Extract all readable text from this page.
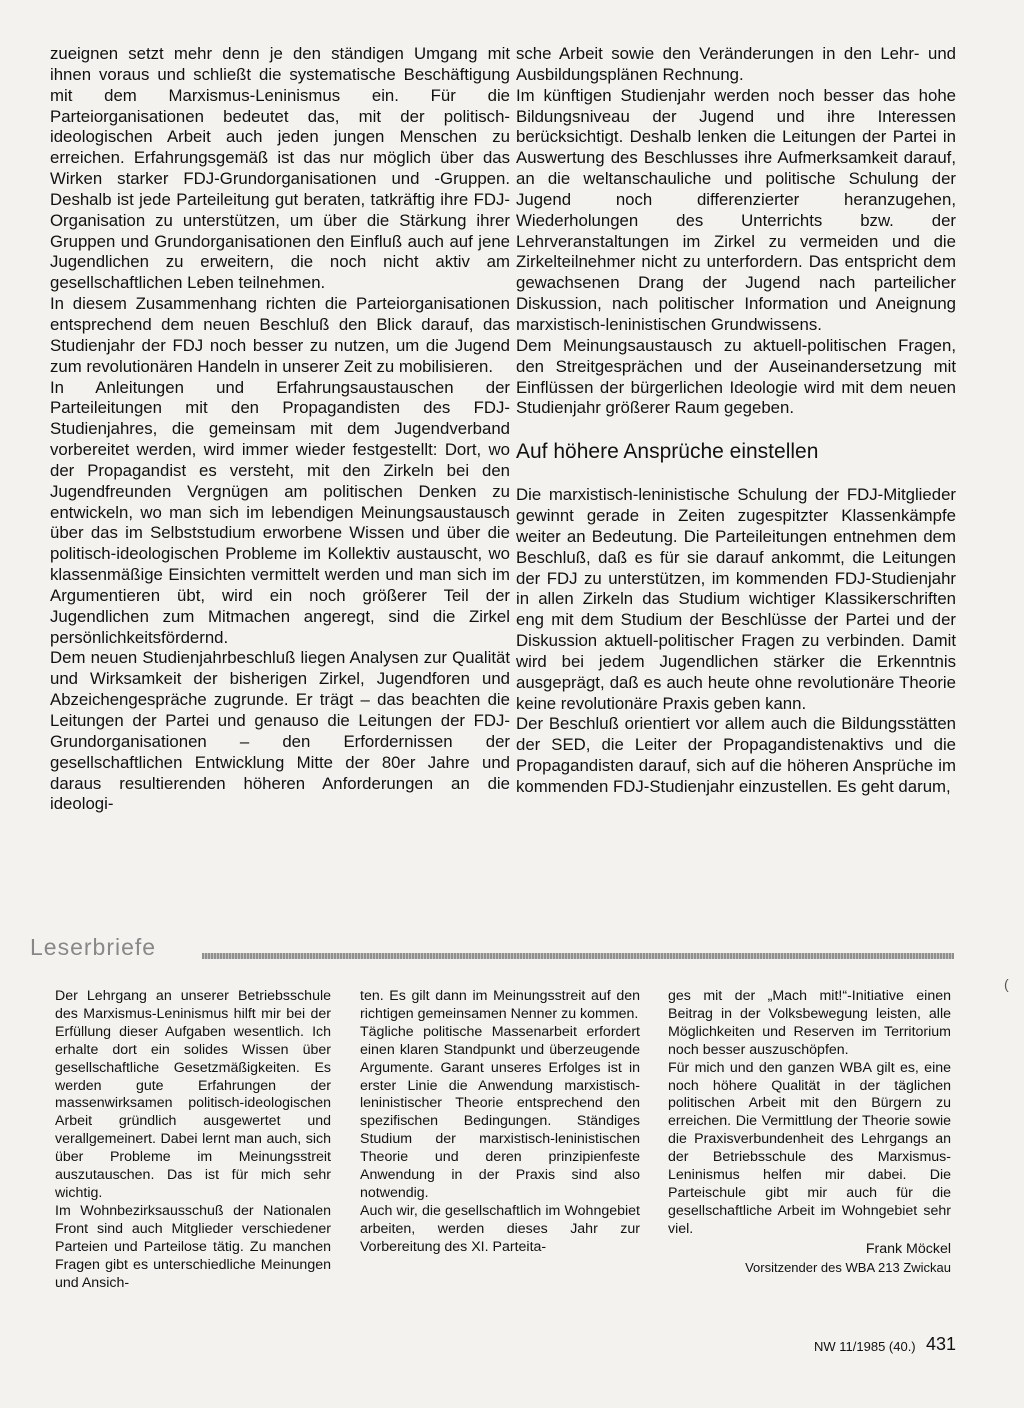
zueignen setzt mehr denn je den ständigen Umgang mit ihnen voraus und schließt die systematische Beschäftigung mit dem Marxismus-Leninismus ein. Für die Parteiorganisationen bedeutet das, mit der politisch-ideologischen Arbeit auch jeden jungen Menschen zu erreichen. Erfahrungsgemäß ist das nur möglich über das Wirken starker FDJ-Grundorganisationen und -Gruppen. Deshalb ist jede Parteileitung gut beraten, tatkräftig ihre FDJ-Organisation zu unterstützen, um über die Stärkung ihrer Gruppen und Grundorganisationen den Einfluß auch auf jene Jugendlichen zu erweitern, die noch nicht aktiv am gesellschaftlichen Leben teilnehmen.

In diesem Zusammenhang richten die Parteiorganisationen entsprechend dem neuen Beschluß den Blick darauf, das Studienjahr der FDJ noch besser zu nutzen, um die Jugend zum revolutionären Handeln in unserer Zeit zu mobilisieren.

In Anleitungen und Erfahrungsaustauschen der Parteileitungen mit den Propagandisten des FDJ-Studienjahres, die gemeinsam mit dem Jugendverband vorbereitet werden, wird immer wieder festgestellt: Dort, wo der Propagandist es versteht, mit den Zirkeln bei den Jugendfreunden Vergnügen am politischen Denken zu entwickeln, wo man sich im lebendigen Meinungsaustausch über das im Selbststudium erworbene Wissen und über die politisch-ideologischen Probleme im Kollektiv austauscht, wo klassenmäßige Einsichten vermittelt werden und man sich im Argumentieren übt, wird ein noch größerer Teil der Jugendlichen zum Mitmachen angeregt, sind die Zirkel persönlichkeitsfördernd.

Dem neuen Studienjahrbeschluß liegen Analysen zur Qualität und Wirksamkeit der bisherigen Zirkel, Jugendforen und Abzeichengespräche zugrunde. Er trägt – das beachten die Leitungen der Partei und genauso die Leitungen der FDJ-Grundorganisationen – den Erfordernissen der gesellschaftlichen Entwicklung Mitte der 80er Jahre und daraus resultierenden höheren Anforderungen an die ideologi-

sche Arbeit sowie den Veränderungen in den Lehr- und Ausbildungsplänen Rechnung.

Im künftigen Studienjahr werden noch besser das hohe Bildungsniveau der Jugend und ihre Interessen berücksichtigt. Deshalb lenken die Leitungen der Partei in Auswertung des Beschlusses ihre Aufmerksamkeit darauf, an die weltanschauliche und politische Schulung der Jugend noch differenzierter heranzugehen, Wiederholungen des Unterrichts bzw. der Lehrveranstaltungen im Zirkel zu vermeiden und die Zirkelteilnehmer nicht zu unterfordern. Das entspricht dem gewachsenen Drang der Jugend nach parteilicher Diskussion, nach politischer Information und Aneignung marxistisch-leninistischen Grundwissens.

Dem Meinungsaustausch zu aktuell-politischen Fragen, den Streitgesprächen und der Auseinandersetzung mit Einflüssen der bürgerlichen Ideologie wird mit dem neuen Studienjahr größerer Raum gegeben.

Auf höhere Ansprüche einstellen

Die marxistisch-leninistische Schulung der FDJ-Mitglieder gewinnt gerade in Zeiten zugespitzter Klassenkämpfe weiter an Bedeutung. Die Parteileitungen entnehmen dem Beschluß, daß es für sie darauf ankommt, die Leitungen der FDJ zu unterstützen, im kommenden FDJ-Studienjahr in allen Zirkeln das Studium wichtiger Klassikerschriften eng mit dem Studium der Beschlüsse der Partei und der Diskussion aktuell-politischer Fragen zu verbinden. Damit wird bei jedem Jugendlichen stärker die Erkenntnis ausgeprägt, daß es auch heute ohne revolutionäre Theorie keine revolutionäre Praxis geben kann.

Der Beschluß orientiert vor allem auch die Bildungsstätten der SED, die Leiter der Propagandistenaktivs und die Propagandisten darauf, sich auf die höheren Ansprüche im kommenden FDJ-Studienjahr einzustellen. Es geht darum,

Leserbriefe

Der Lehrgang an unserer Betriebsschule des Marxismus-Leninismus hilft mir bei der Erfüllung dieser Aufgaben wesentlich. Ich erhalte dort ein solides Wissen über gesellschaftliche Gesetzmäßigkeiten. Es werden gute Erfahrungen der massenwirksamen politisch-ideologischen Arbeit gründlich ausgewertet und verallgemeinert. Dabei lernt man auch, sich über Probleme im Meinungsstreit auszutauschen. Das ist für mich sehr wichtig.

Im Wohnbezirksausschuß der Nationalen Front sind auch Mitglieder verschiedener Parteien und Parteilose tätig. Zu manchen Fragen gibt es unterschiedliche Meinungen und Ansich-

ten. Es gilt dann im Meinungsstreit auf den richtigen gemeinsamen Nenner zu kommen.

Tägliche politische Massenarbeit erfordert einen klaren Standpunkt und überzeugende Argumente. Garant unseres Erfolges ist in erster Linie die Anwendung marxistisch-leninistischer Theorie entsprechend den spezifischen Bedingungen. Ständiges Studium der marxistisch-leninistischen Theorie und deren prinzipienfeste Anwendung in der Praxis sind also notwendig.

Auch wir, die gesellschaftlich im Wohngebiet arbeiten, werden dieses Jahr zur Vorbereitung des XI. Parteita-

ges mit der „Mach mit!“-Initiative einen Beitrag in der Volksbewegung leisten, alle Möglichkeiten und Reserven im Territorium noch besser auszuschöpfen.

Für mich und den ganzen WBA gilt es, eine noch höhere Qualität in der täglichen politischen Arbeit mit den Bürgern zu erreichen. Die Vermittlung der Theorie sowie die Praxisverbundenheit des Lehrgangs an der Betriebsschule des Marxismus-Leninismus helfen mir dabei. Die Parteischule gibt mir auch für die gesellschaftliche Arbeit im Wohngebiet sehr viel.

Frank Möckel
Vorsitzender des WBA 213 Zwickau
(
NW 11/1985 (40.) 431
